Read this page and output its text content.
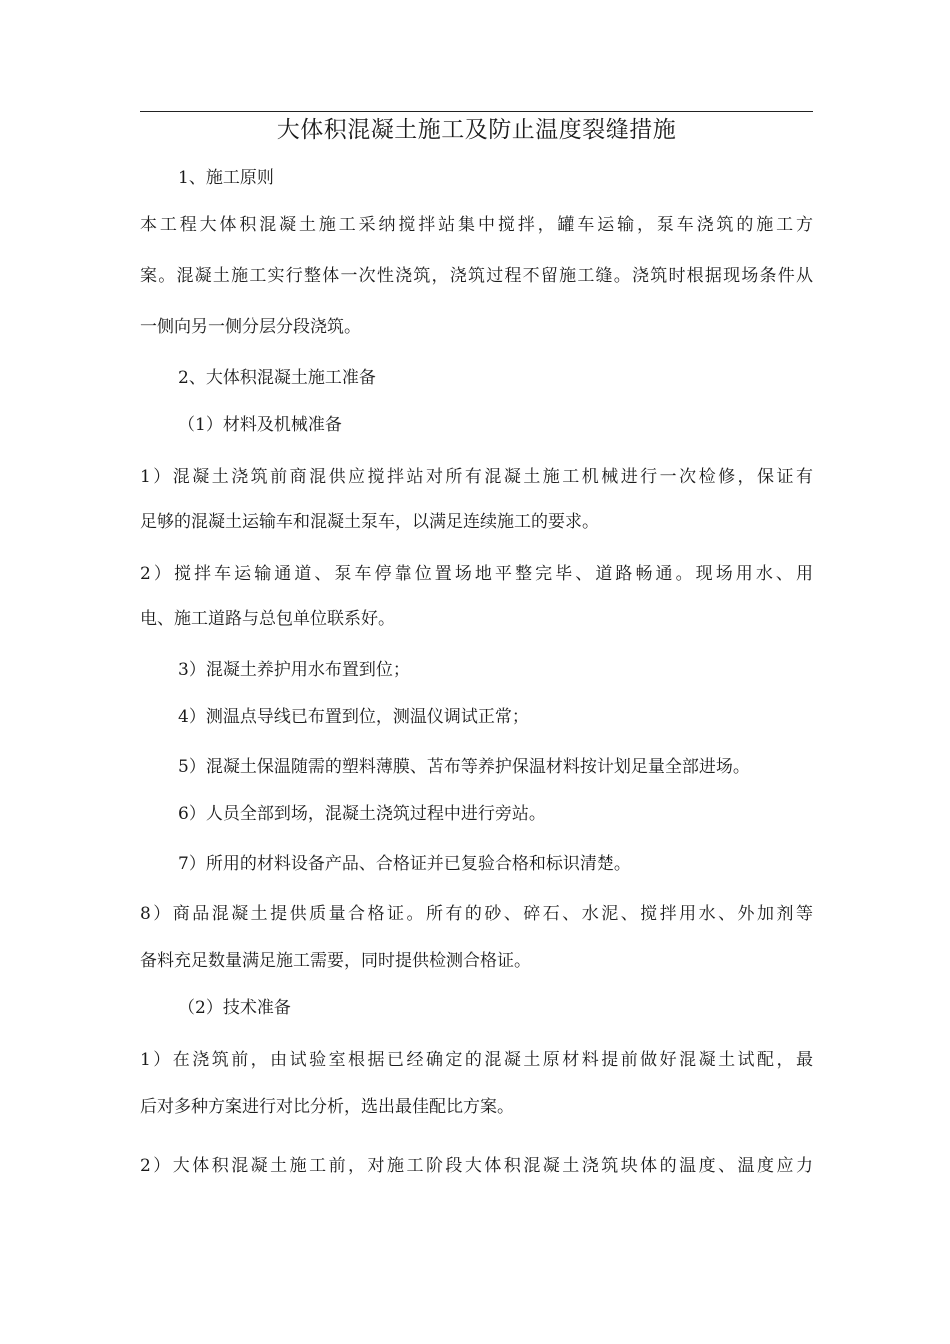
大体积混凝土施工及防止温度裂缝措施
1、施工原则
本工程大体积混凝土施工采纳搅拌站集中搅拌，罐车运输，泵车浇筑的施工方
案。混凝土施工实行整体一次性浇筑，浇筑过程不留施工缝。浇筑时根据现场条件从
一侧向另一侧分层分段浇筑。
2、大体积混凝土施工准备
（1）材料及机械准备
1）混凝土浇筑前商混供应搅拌站对所有混凝土施工机械进行一次检修，保证有
足够的混凝土运输车和混凝土泵车，以满足连续施工的要求。
2）搅拌车运输通道、泵车停靠位置场地平整完毕、道路畅通。现场用水、用
电、施工道路与总包单位联系好。
3）混凝土养护用水布置到位；
4）测温点导线已布置到位，测温仪调试正常；
5）混凝土保温随需的塑料薄膜、苫布等养护保温材料按计划足量全部进场。
6）人员全部到场，混凝土浇筑过程中进行旁站。
7）所用的材料设备产品、合格证并已复验合格和标识清楚。
8）商品混凝土提供质量合格证。所有的砂、碎石、水泥、搅拌用水、外加剂等
备料充足数量满足施工需要，同时提供检测合格证。
（2）技术准备
1）在浇筑前，由试验室根据已经确定的混凝土原材料提前做好混凝土试配，最
后对多种方案进行对比分析，选出最佳配比方案。
2）大体积混凝土施工前，对施工阶段大体积混凝土浇筑块体的温度、温度应力
